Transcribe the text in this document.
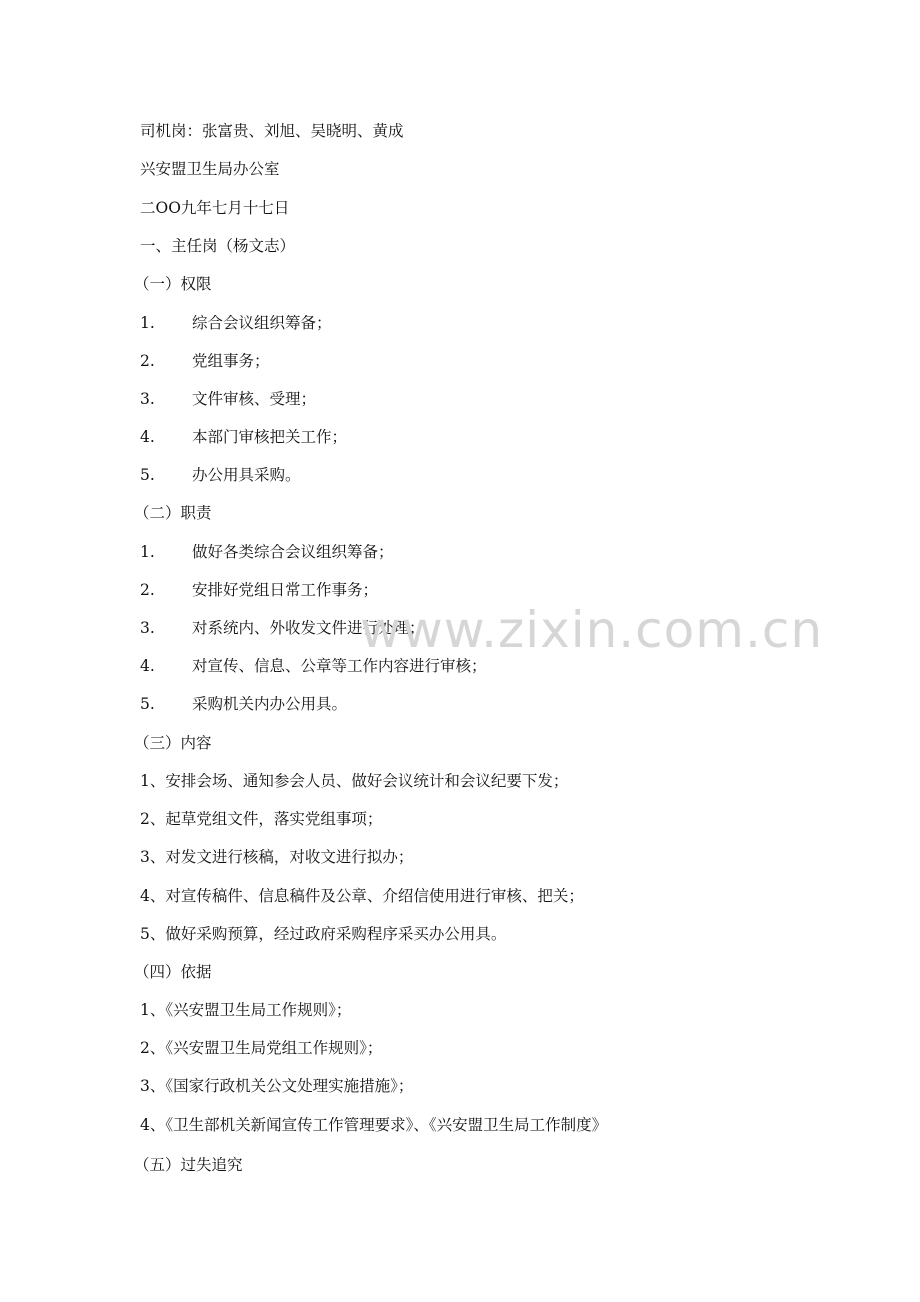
司机岗：张富贵、刘旭、吴晓明、黄成
兴安盟卫生局办公室
二OO九年七月十七日
一、主任岗（杨文志）
（一）权限
1. 综合会议组织筹备；
2. 党组事务；
3. 文件审核、受理；
4. 本部门审核把关工作；
5. 办公用具采购。
（二）职责
1. 做好各类综合会议组织筹备；
2. 安排好党组日常工作事务；
3. 对系统内、外收发文件进行处理；
4. 对宣传、信息、公章等工作内容进行审核；
5. 采购机关内办公用具。
（三）内容
1、安排会场、通知参会人员、做好会议统计和会议纪要下发；
2、起草党组文件，落实党组事项；
3、对发文进行核稿，对收文进行拟办；
4、对宣传稿件、信息稿件及公章、介绍信使用进行审核、把关；
5、做好采购预算，经过政府采购程序采买办公用具。
（四）依据
1、《兴安盟卫生局工作规则》；
2、《兴安盟卫生局党组工作规则》；
3、《国家行政机关公文处理实施措施》；
4、《卫生部机关新闻宣传工作管理要求》、《兴安盟卫生局工作制度》
（五）过失追究
www.zixin.com.cn
